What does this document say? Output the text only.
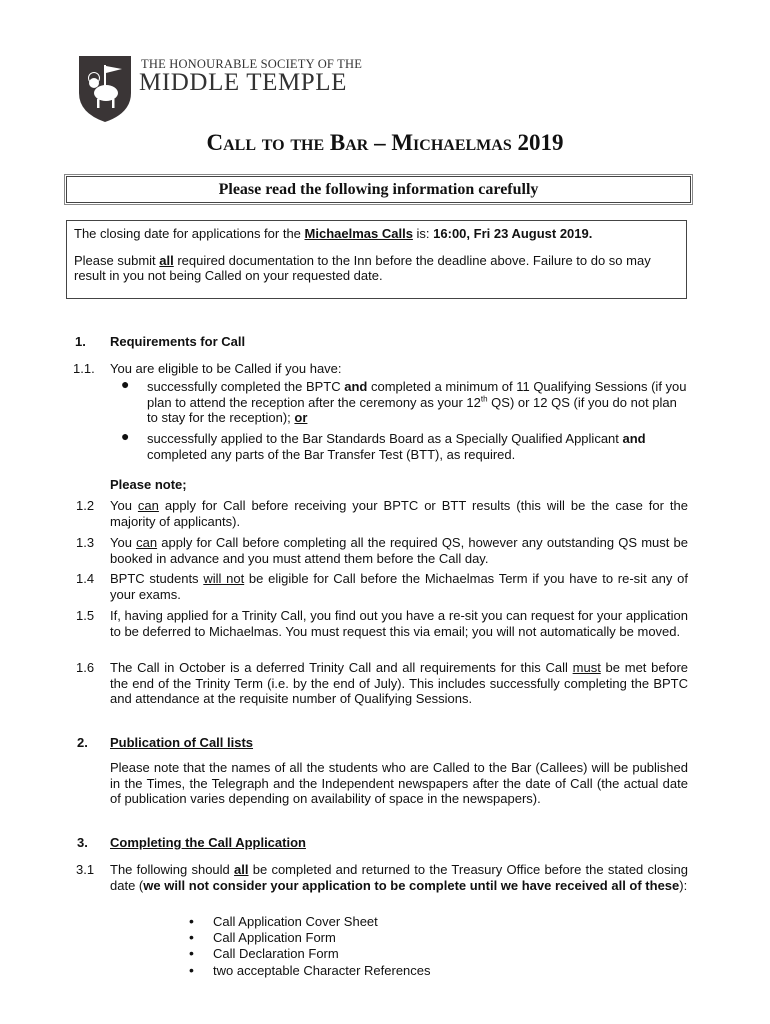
THE HONOURABLE SOCIETY OF THE
MIDDLE TEMPLE
Call to the Bar – Michaelmas 2019
Please read the following information carefully

The closing date for applications for the Michaelmas Calls is: 16:00, Fri 23 August 2019.

Please submit all required documentation to the Inn before the deadline above. Failure to do so may result in you not being Called on your requested date.

1. Requirements for Call
1.1. You are eligible to be Called if you have:
● successfully completed the BPTC and completed a minimum of 11 Qualifying Sessions (if you plan to attend the reception after the ceremony as your 12th QS) or 12 QS (if you do not plan to stay for the reception); or
● successfully applied to the Bar Standards Board as a Specially Qualified Applicant and completed any parts of the Bar Transfer Test (BTT), as required.
Please note;
1.2 You can apply for Call before receiving your BPTC or BTT results (this will be the case for the majority of applicants).
1.3 You can apply for Call before completing all the required QS, however any outstanding QS must be booked in advance and you must attend them before the Call day.
1.4 BPTC students will not be eligible for Call before the Michaelmas Term if you have to re-sit any of your exams.
1.5 If, having applied for a Trinity Call, you find out you have a re-sit you can request for your application to be deferred to Michaelmas. You must request this via email; you will not automatically be moved.
1.6 The Call in October is a deferred Trinity Call and all requirements for this Call must be met before the end of the Trinity Term (i.e. by the end of July). This includes successfully completing the BPTC and attendance at the requisite number of Qualifying Sessions.
2. Publication of Call lists
Please note that the names of all the students who are Called to the Bar (Callees) will be published in the Times, the Telegraph and the Independent newspapers after the date of Call (the actual date of publication varies depending on availability of space in the newspapers).
3. Completing the Call Application
3.1 The following should all be completed and returned to the Treasury Office before the stated closing date (we will not consider your application to be complete until we have received all of these):
• Call Application Cover Sheet
• Call Application Form
• Call Declaration Form
• two acceptable Character References
